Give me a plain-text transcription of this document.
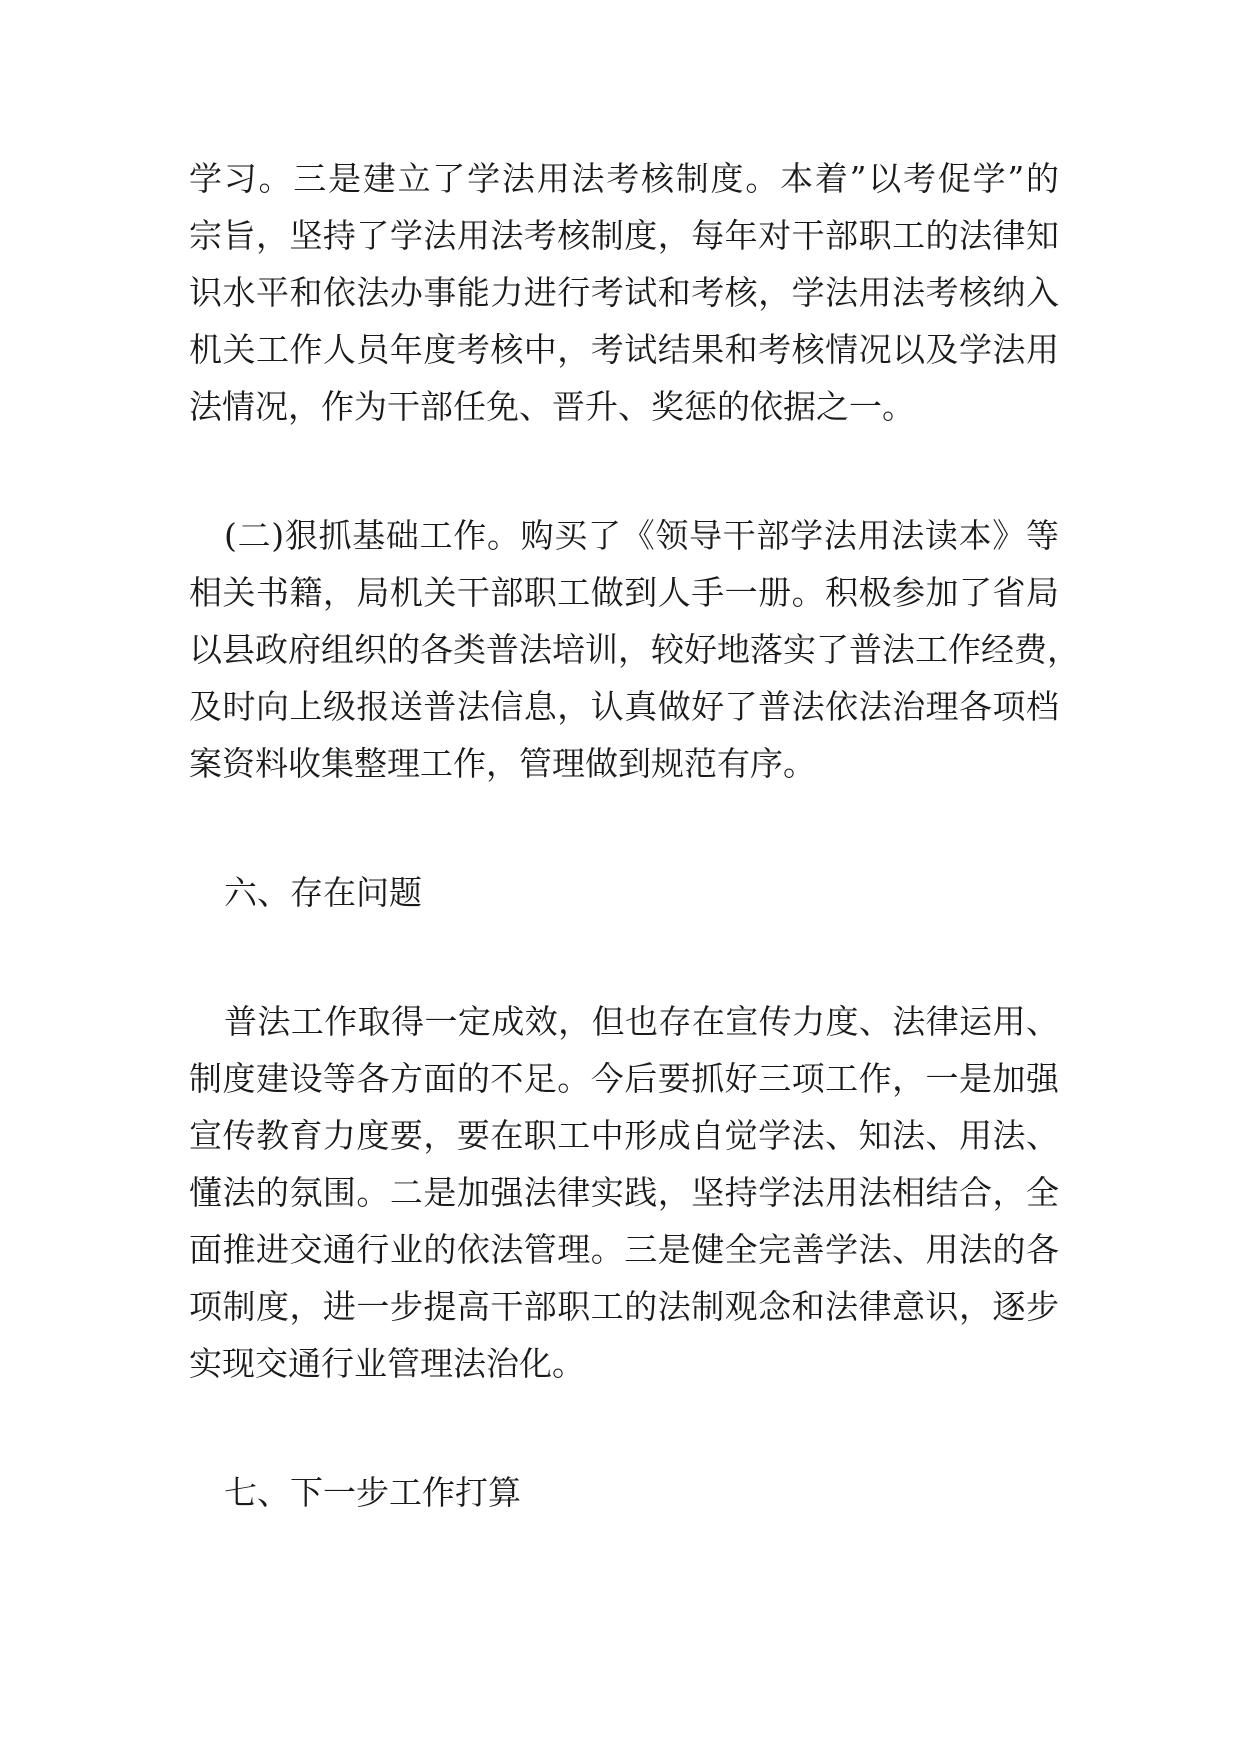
学习。三是建立了学法用法考核制度。本着”以考促学”的
宗旨，坚持了学法用法考核制度，每年对干部职工的法律知
识水平和依法办事能力进行考试和考核，学法用法考核纳入
机关工作人员年度考核中，考试结果和考核情况以及学法用
法情况，作为干部任免、晋升、奖惩的依据之一。
(二)狠抓基础工作。购买了《领导干部学法用法读本》等
相关书籍，局机关干部职工做到人手一册。积极参加了省局
以县政府组织的各类普法培训，较好地落实了普法工作经费，
及时向上级报送普法信息，认真做好了普法依法治理各项档
案资料收集整理工作，管理做到规范有序。
六、存在问题
普法工作取得一定成效，但也存在宣传力度、法律运用、
制度建设等各方面的不足。今后要抓好三项工作，一是加强
宣传教育力度要，要在职工中形成自觉学法、知法、用法、
懂法的氛围。二是加强法律实践，坚持学法用法相结合，全
面推进交通行业的依法管理。三是健全完善学法、用法的各
项制度，进一步提高干部职工的法制观念和法律意识，逐步
实现交通行业管理法治化。
七、下一步工作打算
